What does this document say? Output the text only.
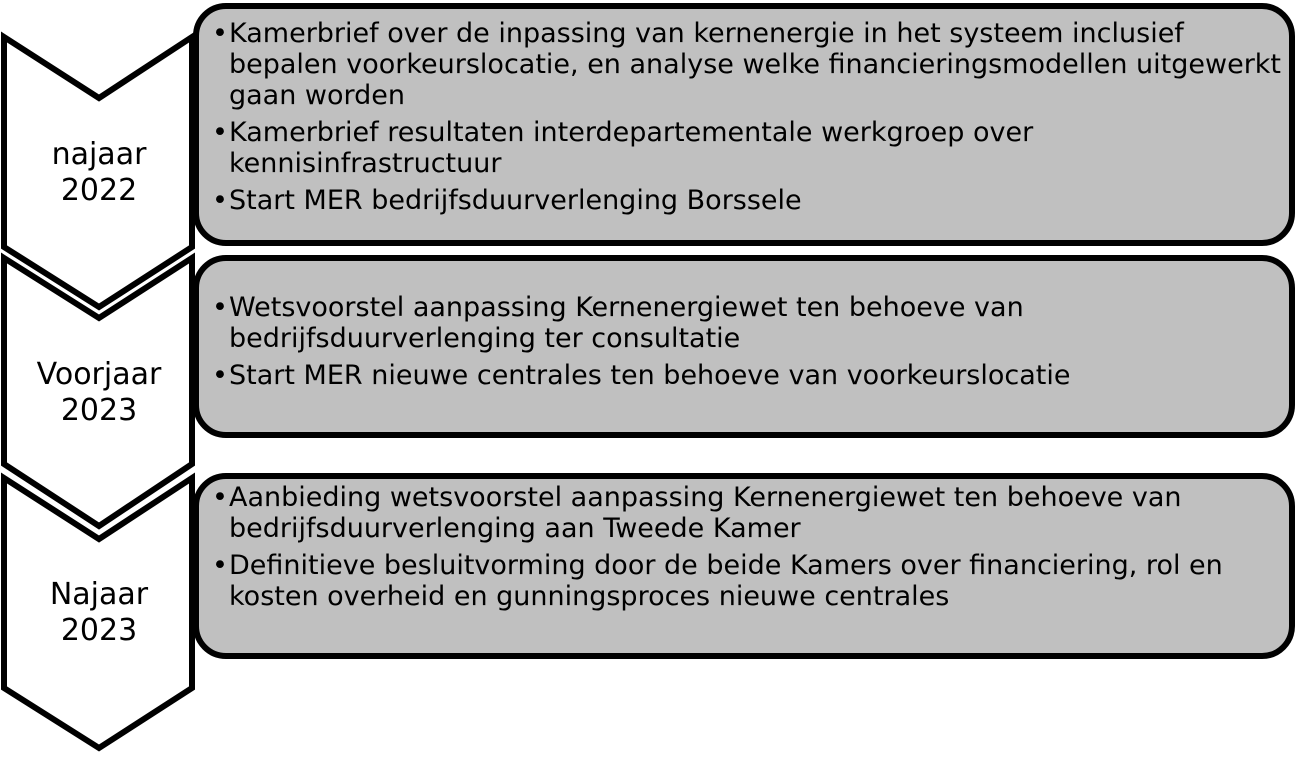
najaar
2022
Voorjaar
2023
Najaar
2023
• Kamerbrief over de inpassing van kernenergie in het systeem inclusief bepalen voorkeurslocatie, en analyse welke financieringsmodellen uitgewerkt gaan worden
• Kamerbrief resultaten interdepartementale werkgroep over kennisinfrastructuur
• Start MER bedrijfsduurverlenging Borssele
• Wetsvoorstel aanpassing Kernenergiewet ten behoeve van bedrijfsduurverlenging ter consultatie
• Start MER nieuwe centrales ten behoeve van voorkeurslocatie
• Aanbieding wetsvoorstel aanpassing Kernenergiewet ten behoeve van bedrijfsduurverlenging aan Tweede Kamer
• Definitieve besluitvorming door de beide Kamers over financiering, rol en kosten overheid en gunningsproces nieuwe centrales
